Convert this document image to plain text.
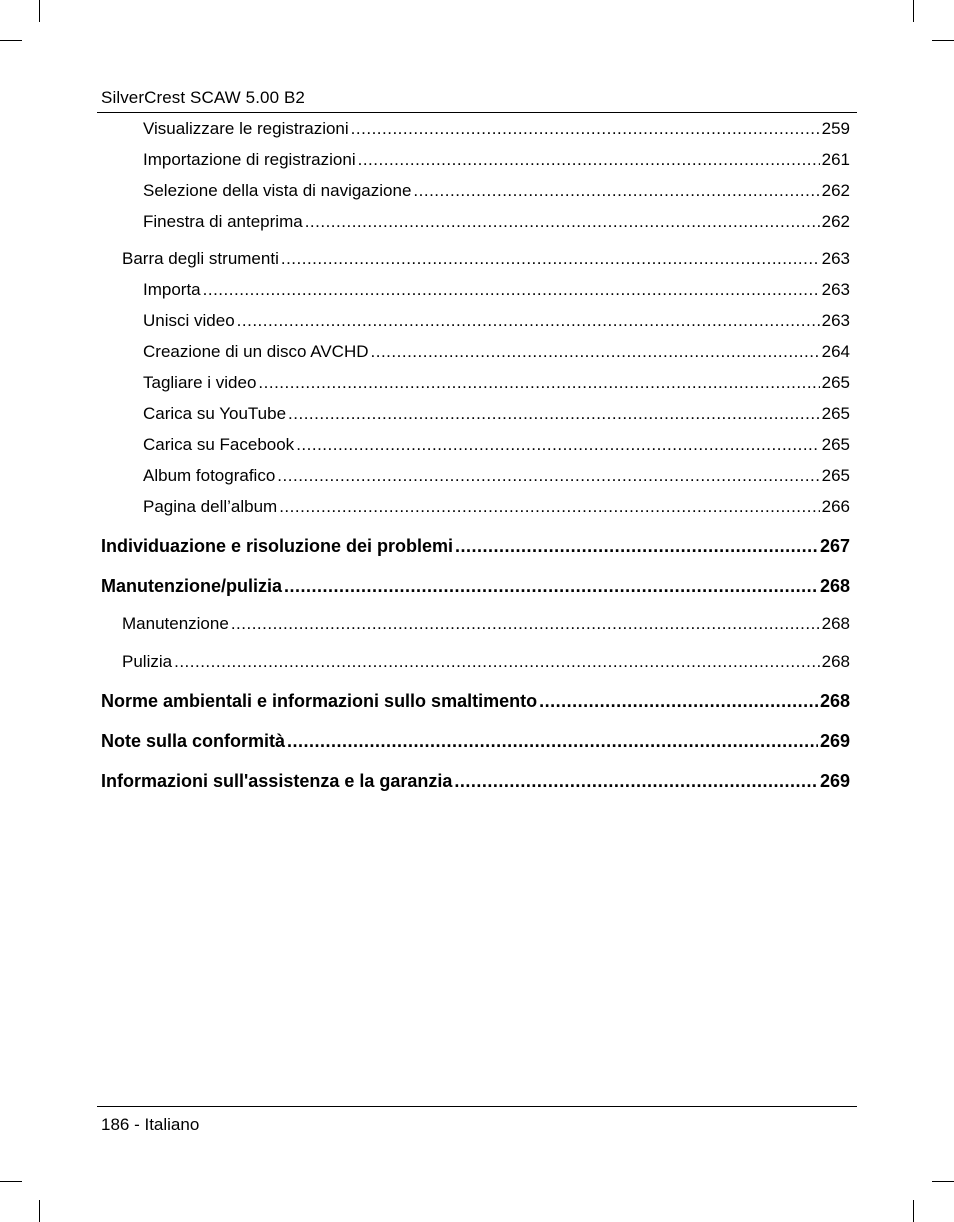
SilverCrest SCAW 5.00 B2
Visualizzare le registrazioni .....	259
Importazione di registrazioni .....	261
Selezione della vista di navigazione .....	262
Finestra di anteprima .....	262
Barra degli strumenti .....	263
Importa .....	263
Unisci video .....	263
Creazione di un disco AVCHD .....	264
Tagliare i video .....	265
Carica su YouTube .....	265
Carica su Facebook .....	265
Album fotografico .....	265
Pagina dell’album .....	266
Individuazione e risoluzione dei problemi .....	267
Manutenzione/pulizia .....	268
Manutenzione .....	268
Pulizia .....	268
Norme ambientali e informazioni sullo smaltimento .....	268
Note sulla conformità .....	269
Informazioni sull'assistenza e la garanzia .....	269
186 - Italiano
